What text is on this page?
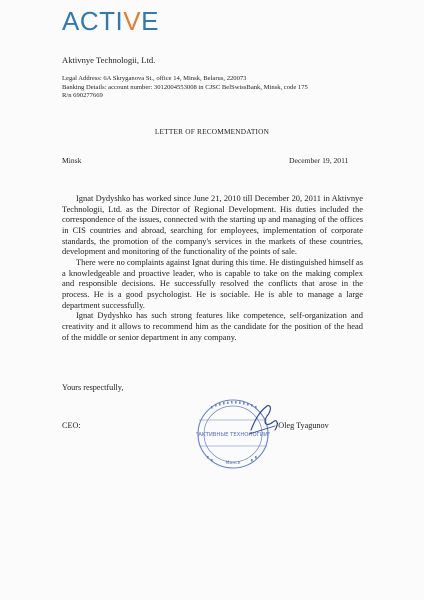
ACTIVE
Aktivnye Technologii, Ltd.
Legal Address: 6A Skryganova St., office 14, Minsk, Belarus, 220073
Banking Details: account number: 3012004553008 in CJSC BelSwissBank, Minsk, code 175
R/n 690277669
LETTER OF RECOMMENDATION
Minsk	December 19, 2011

Ignat Dydyshko has worked since June 21, 2010 till December 20, 2011 in Aktivnye Technologii, Ltd. as the Director of Regional Development. His duties included the correspondence of the issues, connected with the starting up and managing of the offices in CIS countries and abroad, searching for employees, implementation of corporate standards, the promotion of the company's services in the markets of these countries, development and monitoring of the functionality of the points of sale.

There were no complaints against Ignat during this time. He distinguished himself as a knowledgeable and proactive leader, who is capable to take on the making complex and responsible decisions. He successfully resolved the conflicts that arose in the process. He is a good psychologist. He is sociable. He is able to manage a large department successfully.

Ignat Dydyshko has such strong features like competence, self-organization and creativity and it allows to recommend him as the candidate for the position of the head of the middle or senior department in any company.

Yours respectfully,
"АКТИВНЫЕ ТЕХНОЛОГИИ"
Минск
CEO:	/Oleg Tyagunov
